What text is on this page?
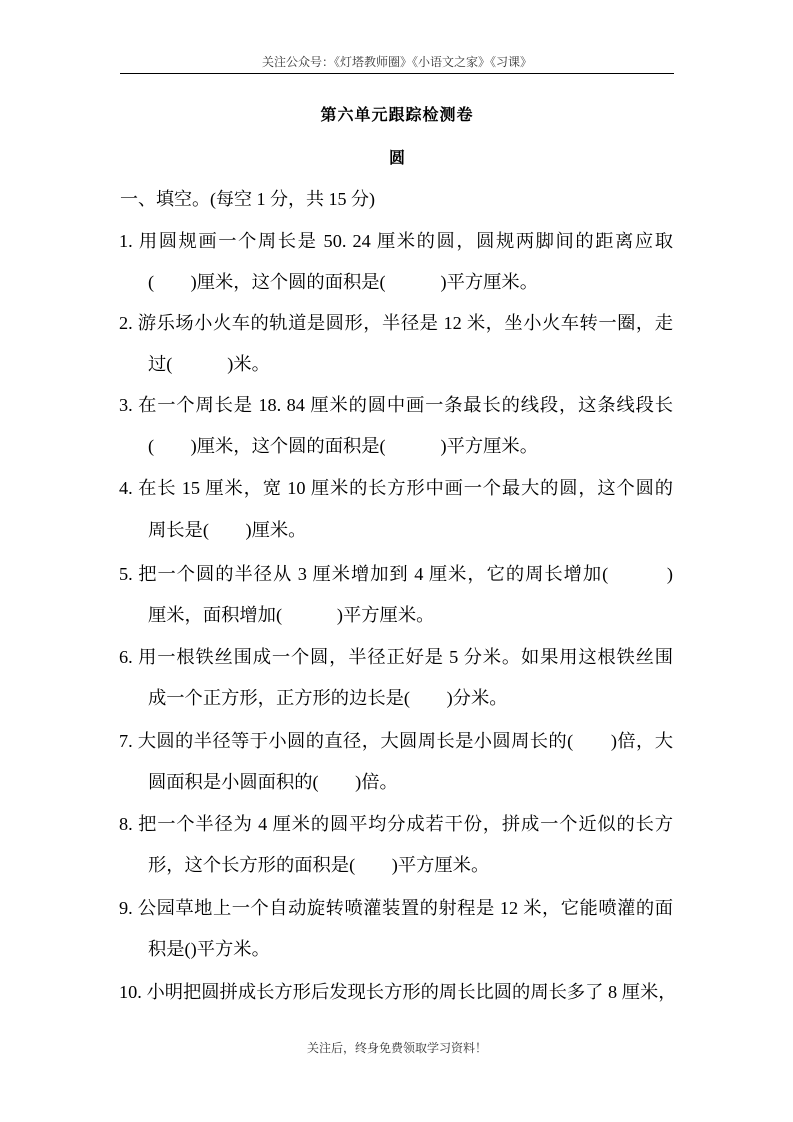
关注公众号：《灯塔教师圈》《小语文之家》《习课》
第六单元跟踪检测卷
圆
一、填空。(每空 1 分，共 15 分)
1. 用圆规画一个周长是 50. 24 厘米的圆，圆规两脚间的距离应取
(　　)厘米，这个圆的面积是(　　　)平方厘米。
2. 游乐场小火车的轨道是圆形，半径是 12 米，坐小火车转一圈，走
过(　　　)米。
3. 在一个周长是 18. 84 厘米的圆中画一条最长的线段，这条线段长
(　　)厘米，这个圆的面积是(　　　)平方厘米。
4. 在长 15 厘米，宽 10 厘米的长方形中画一个最大的圆，这个圆的
周长是(　　)厘米。
5. 把一个圆的半径从 3 厘米增加到 4 厘米，它的周长增加(　　　)
厘米，面积增加(　　　)平方厘米。
6. 用一根铁丝围成一个圆，半径正好是 5 分米。如果用这根铁丝围
成一个正方形，正方形的边长是(　　)分米。
7. 大圆的半径等于小圆的直径，大圆周长是小圆周长的(　　)倍，大
圆面积是小圆面积的(　　)倍。
8. 把一个半径为 4 厘米的圆平均分成若干份，拼成一个近似的长方
形，这个长方形的面积是(　　)平方厘米。
9. 公园草地上一个自动旋转喷灌装置的射程是 12 米，它能喷灌的面
积是()平方米。
10. 小明把圆拼成长方形后发现长方形的周长比圆的周长多了 8 厘米，
关注后，终身免费领取学习资料！
